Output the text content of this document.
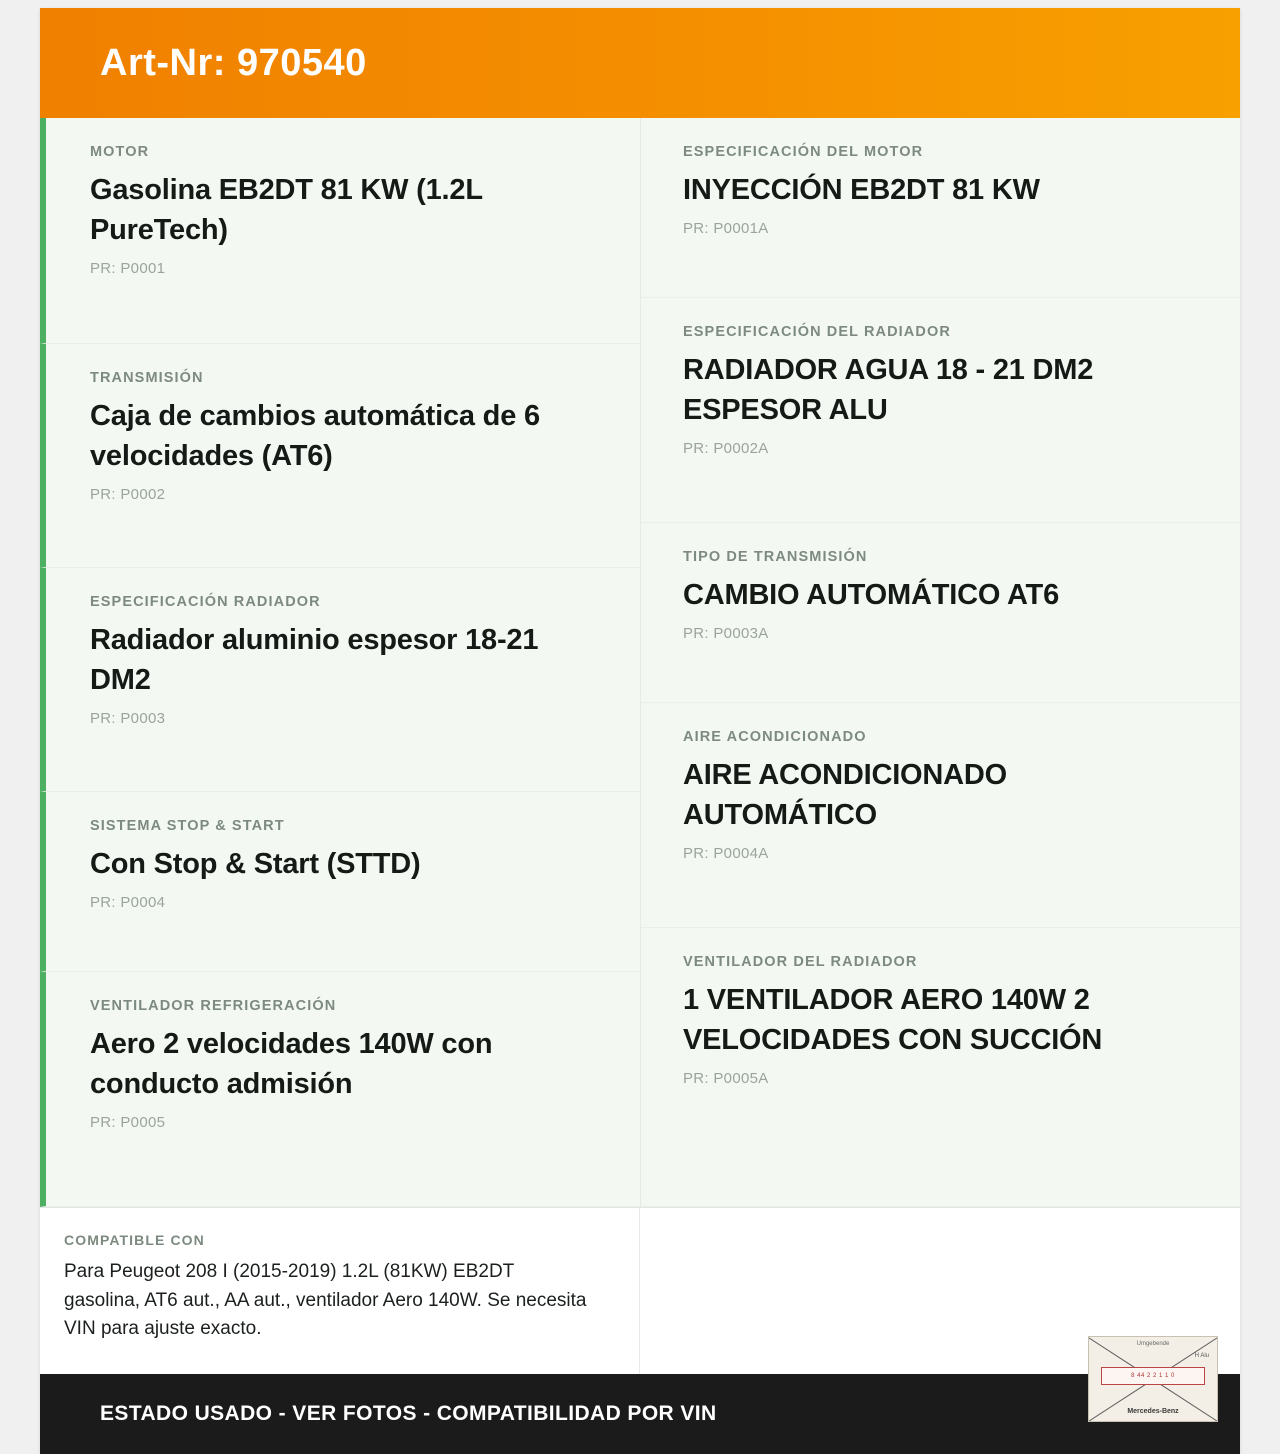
Art-Nr: 970540
MOTOR
Gasolina EB2DT 81 KW (1.2L PureTech)
PR: P0001
TRANSMISIÓN
Caja de cambios automática de 6 velocidades (AT6)
PR: P0002
ESPECIFICACIÓN RADIADOR
Radiador aluminio espesor 18-21 DM2
PR: P0003
SISTEMA STOP & START
Con Stop & Start (STTD)
PR: P0004
VENTILADOR REFRIGERACIÓN
Aero 2 velocidades 140W con conducto admisión
PR: P0005
ESPECIFICACIÓN DEL MOTOR
INYECCIÓN EB2DT 81 KW
PR: P0001A
ESPECIFICACIÓN DEL RADIADOR
RADIADOR AGUA 18 - 21 DM2 ESPESOR ALU
PR: P0002A
TIPO DE TRANSMISIÓN
CAMBIO AUTOMÁTICO AT6
PR: P0003A
AIRE ACONDICIONADO
AIRE ACONDICIONADO AUTOMÁTICO
PR: P0004A
VENTILADOR DEL RADIADOR
1 VENTILADOR AERO 140W 2 VELOCIDADES CON SUCCIÓN
PR: P0005A
COMPATIBLE CON
Para Peugeot 208 I (2015-2019) 1.2L (81KW) EB2DT gasolina, AT6 aut., AA aut., ventilador Aero 140W. Se necesita VIN para ajuste exacto.
ESTADO USADO - VER FOTOS - COMPATIBILIDAD POR VIN
Umgebende
H Alu
8 44 2 2 1 1 0
Mercedes-Benz
